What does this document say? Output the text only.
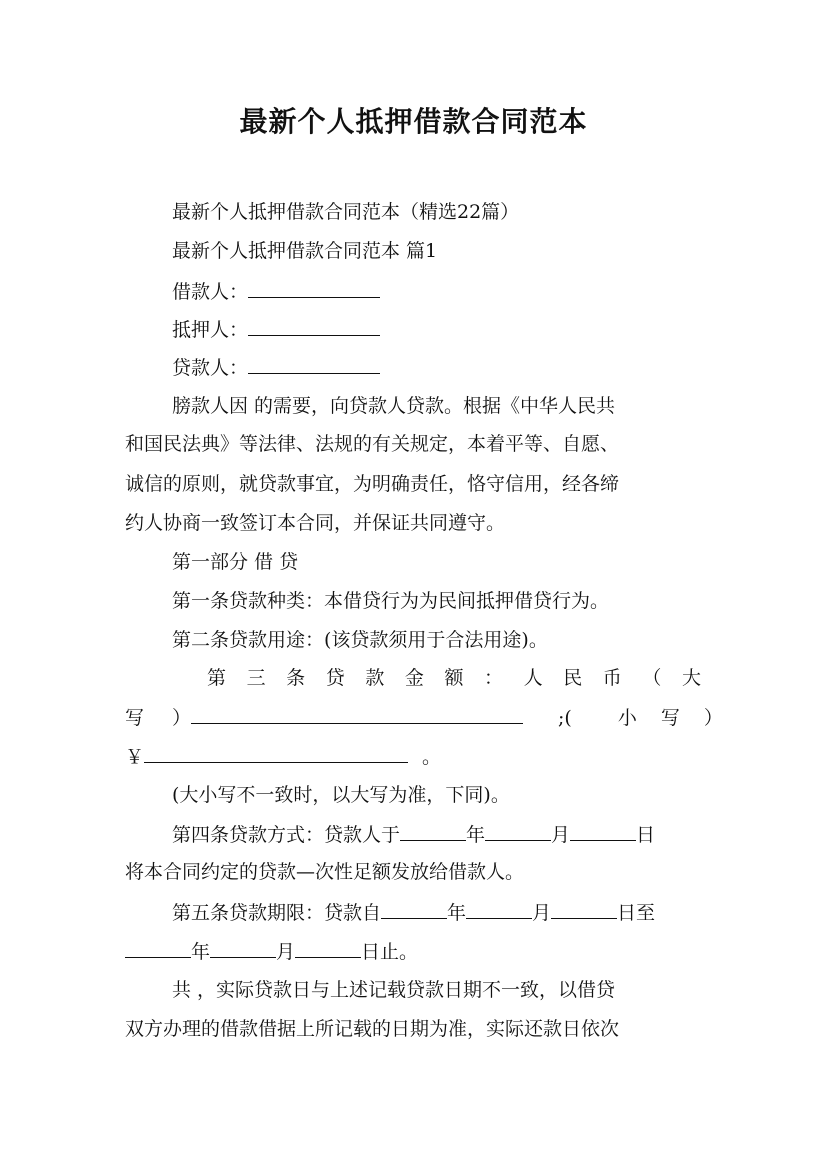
最新个人抵押借款合同范本
最新个人抵押借款合同范本（精选22篇）
最新个人抵押借款合同范本 篇1
借款人：
抵押人：
贷款人：
膀款人因 的需要，向贷款人贷款。根据《中华人民共
和国民法典》等法律、法规的有关规定，本着平等、自愿、
诚信的原则，就贷款事宜，为明确责任，恪守信用，经各缔
约人协商一致签订本合同，并保证共同遵守。
第一部分 借 贷
第一条贷款种类：本借贷行为为民间抵押借贷行为。
第二条贷款用途：(该贷款须用于合法用途)。
第 三 条 贷 款 金 额 ： 人 民 币 （ 大
写 ）	;( 小 写 ）
￥	。
(大小写不一致时，以大写为准，下同)。
第四条贷款方式：贷款人于	年	月	日
将本合同约定的贷款—次性足额发放给借款人。
第五条贷款期限：贷款自	年	月	日至
年	月	日止。
共 ，实际贷款日与上述记载贷款日期不一致，以借贷
双方办理的借款借据上所记载的日期为准，实际还款日依次
